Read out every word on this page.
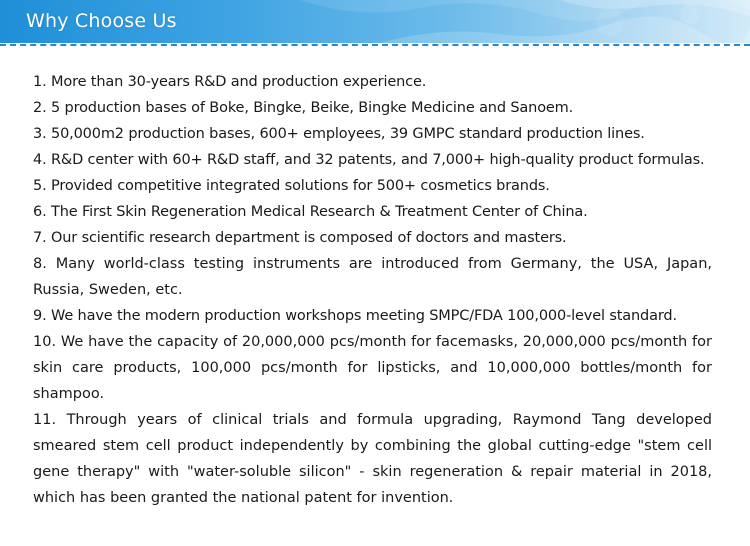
Why Choose Us

1. More than 30-years R&D and production experience.

2. 5 production bases of Boke, Bingke, Beike, Bingke Medicine and Sanoem.

3. 50,000m2 production bases, 600+ employees, 39 GMPC standard production lines.

4. R&D center with 60+ R&D staff, and 32 patents, and 7,000+ high-quality product formulas.

5. Provided competitive integrated solutions for 500+ cosmetics brands.

6. The First Skin Regeneration Medical Research & Treatment Center of China.

7. Our scientific research department is composed of doctors and masters.

8. Many world-class testing instruments are introduced from Germany, the USA, Japan, Russia, Sweden, etc.

9. We have the modern production workshops meeting SMPC/FDA 100,000-level standard.

10. We have the capacity of 20,000,000 pcs/month for facemasks, 20,000,000 pcs/month for skin care products, 100,000 pcs/month for lipsticks, and 10,000,000 bottles/month for shampoo.

11. Through years of clinical trials and formula upgrading, Raymond Tang developed smeared stem cell product independently by combining the global cutting-edge "stem cell gene therapy" with "water-soluble silicon" - skin regeneration & repair material in 2018, which has been granted the national patent for invention.
